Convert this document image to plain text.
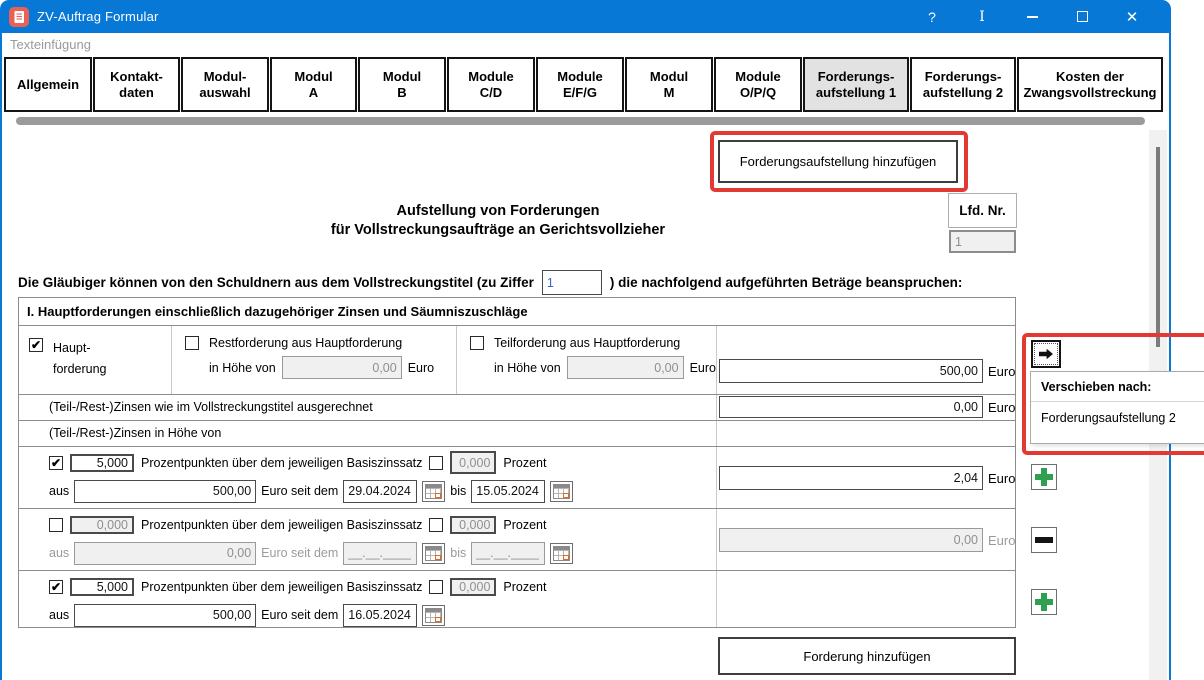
ZV-Auftrag Formular	?	I	✕
Texteinfügung
Allgemein
Kontakt-
daten
Modul-
auswahl
Modul
A
Modul
B
Module
C/D
Module
E/F/G
Modul
M
Module
O/P/Q
Forderungs-
aufstellung 1
Forderungs-
aufstellung 2
Kosten der
Zwangsvollstreckung
Forderungsaufstellung hinzufügen
Lfd. Nr.
1
Aufstellung von Forderungen
für Vollstreckungsaufträge an Gerichtsvollzieher
Die Gläubiger können von den Schuldnern aus dem Vollstreckungstitel (zu Ziffer	1	) die nachfolgend aufgeführten Beträge beanspruchen:
I. Hauptforderungen einschließlich dazugehöriger Zinsen und Säumniszuschläge
✔ Haupt-
forderung
Restforderung aus Hauptforderung
in Höhe von	0,00 Euro
Teilforderung aus Hauptforderung
in Höhe von	0,00 Euro	500,00 Euro
(Teil-/Rest-)Zinsen wie im Vollstreckungstitel ausgerechnet	0,00 Euro
(Teil-/Rest-)Zinsen in Höhe von
✔	5,000	Prozentpunkten über dem jeweiligen Basiszinssatz	0,000	Prozent
aus	500,00 Euro seit dem 29.04.2024	bis 15.05.2024
2,04 Euro
0,000	Prozentpunkten über dem jeweiligen Basiszinssatz	0,000	Prozent
aus	0,00 Euro seit dem __.__.____	bis __.__.____
0,00 Euro
✔	5,000	Prozentpunkten über dem jeweiligen Basiszinssatz	0,000	Prozent
aus	500,00 Euro seit dem 16.05.2024
Forderung hinzufügen
Verschieben nach:
Forderungsaufstellung 2
